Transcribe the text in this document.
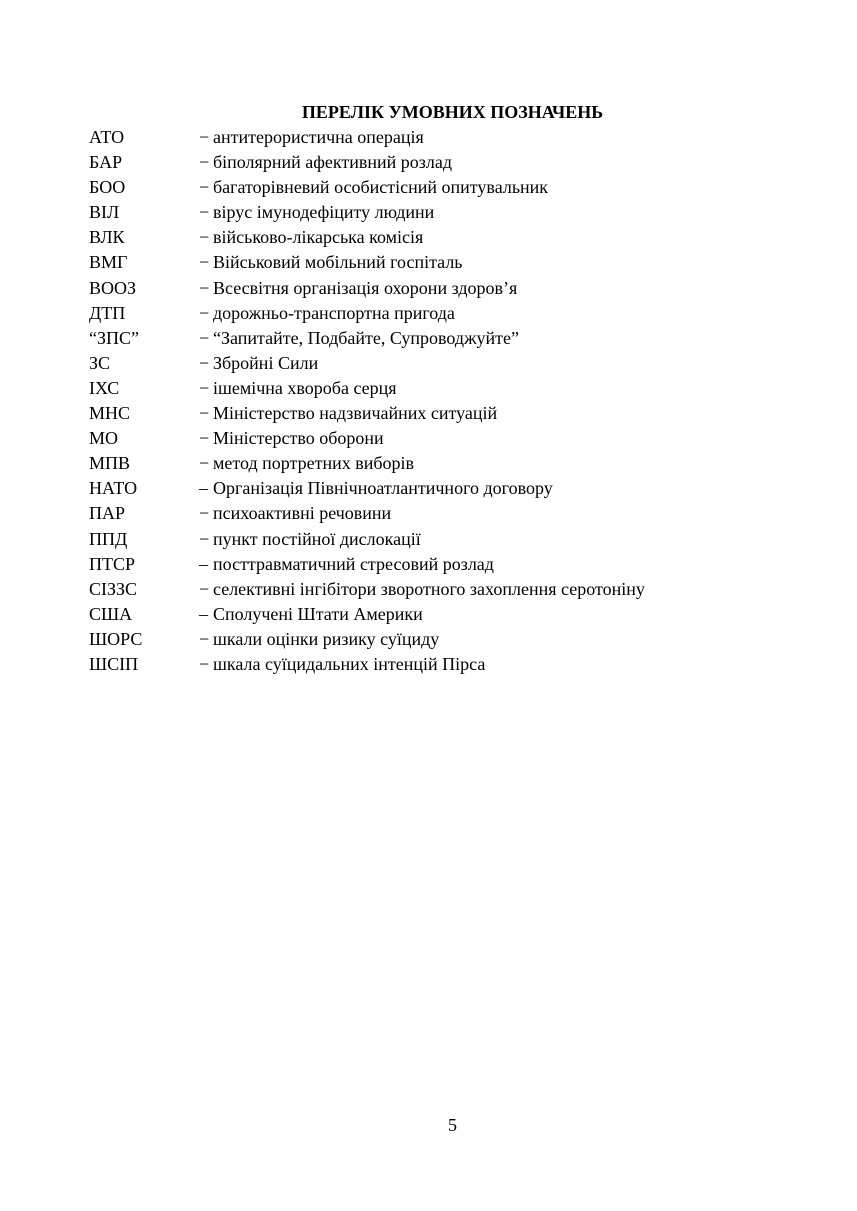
ПЕРЕЛІК УМОВНИХ ПОЗНАЧЕНЬ
АТО	− антитерористична операція
БАР	− біполярний афективний розлад
БОО	− багаторівневий особистісний опитувальник
ВІЛ	− вірус імунодефіциту людини
ВЛК	− військово-лікарська комісія
ВМГ	− Військовий мобільний госпіталь
ВООЗ	− Всесвітня організація охорони здоров’я
ДТП	− дорожньо-транспортна пригода
“ЗПС”	− “Запитайте, Подбайте, Супроводжуйте”
ЗС	− Збройні Сили
ІХС	− ішемічна хвороба серця
МНС	− Міністерство надзвичайних ситуацій
МО	− Міністерство оборони
МПВ	− метод портретних виборів
НАТО	– Організація Північноатлантичного договору
ПАР	− психоактивні речовини
ППД	− пункт постійної дислокації
ПТСР	– посттравматичний стресовий розлад
СІЗЗС	− селективні інгібітори зворотного захоплення серотоніну
США	– Сполучені Штати Америки
ШОРС	− шкали оцінки ризику суїциду
ШСІП	− шкала суїцидальних інтенцій Пірса
5
